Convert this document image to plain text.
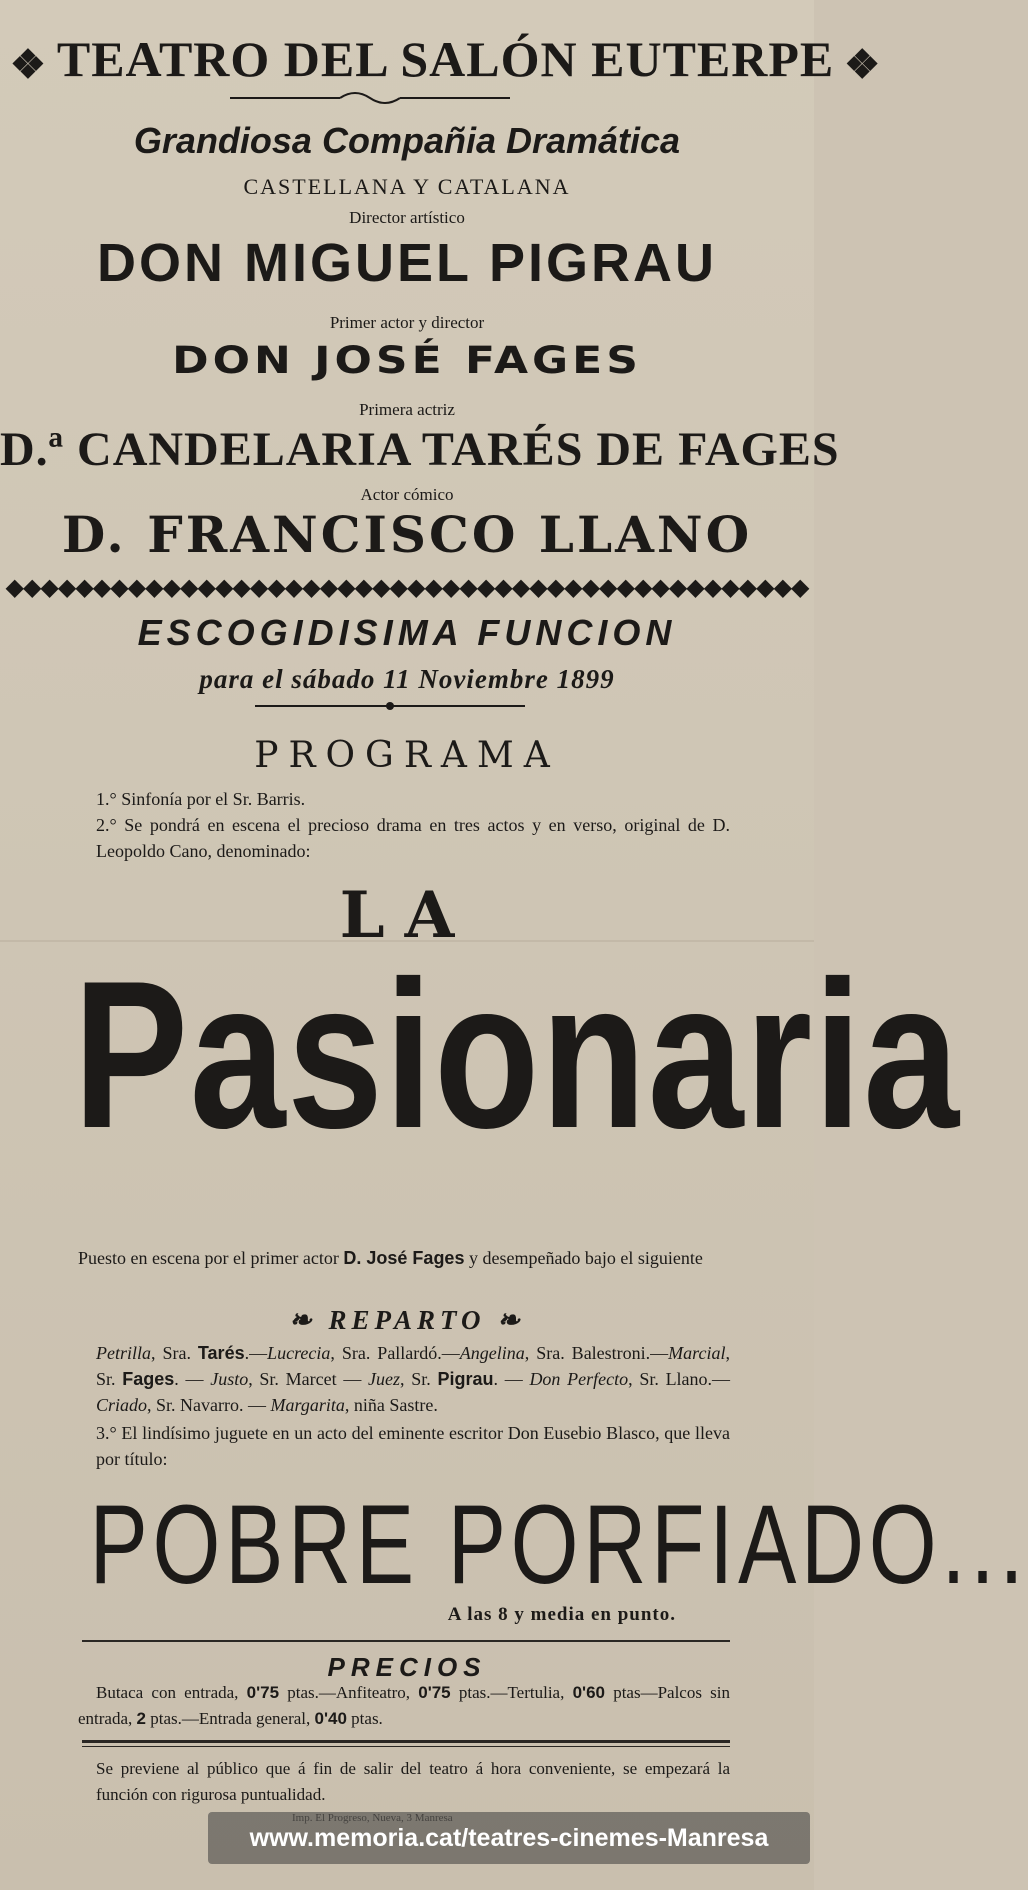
❖ TEATRO DEL SALÓN EUTERPE ❖
Grandiosa Compañia Dramática
CASTELLANA Y CATALANA
Director artístico
DON MIGUEL PIGRAU
Primer actor y director
DON JOSÉ FAGES
Primera actriz
D.ª CANDELARIA TARÉS DE FAGES
Actor cómico
D. FRANCISCO LLANO
◆◆◆◆◆◆◆◆◆◆◆◆◆◆◆◆◆◆◆◆◆◆◆◆◆◆◆◆◆◆◆◆◆◆◆◆◆◆◆◆◆◆◆◆◆◆
ESCOGIDISIMA FUNCION
para el sábado 11 Noviembre 1899
PROGRAMA
1.° Sinfonía por el Sr. Barris.
2.° Se pondrá en escena el precioso drama en tres actos y en verso, original de D. Leopoldo Cano, denominado:
LA
Pasionaria
Puesto en escena por el primer actor D. José Fages y desempeñado bajo el siguiente
❧ REPARTO ❧
Petrilla, Sra. Tarés.—Lucrecia, Sra. Pallardó.—Angelina, Sra. Balestroni.—Marcial, Sr. Fages. — Justo, Sr. Marcet — Juez, Sr. Pigrau. — Don Perfecto, Sr. Llano.—Criado, Sr. Navarro. — Margarita, niña Sastre.
3.° El lindísimo juguete en un acto del eminente escritor Don Eusebio Blasco, que lleva por título:
POBRE PORFIADO...
A las 8 y media en punto.
PRECIOS
Butaca con entrada, 0'75 ptas.—Anfiteatro, 0'75 ptas.—Tertulia, 0'60 ptas—Palcos sin entrada, 2 ptas.—Entrada general, 0'40 ptas.
Se previene al público que á fin de salir del teatro á hora conveniente, se empezará la función con rigurosa puntualidad.
www.memoria.cat/teatres-cinemes-Manresa
